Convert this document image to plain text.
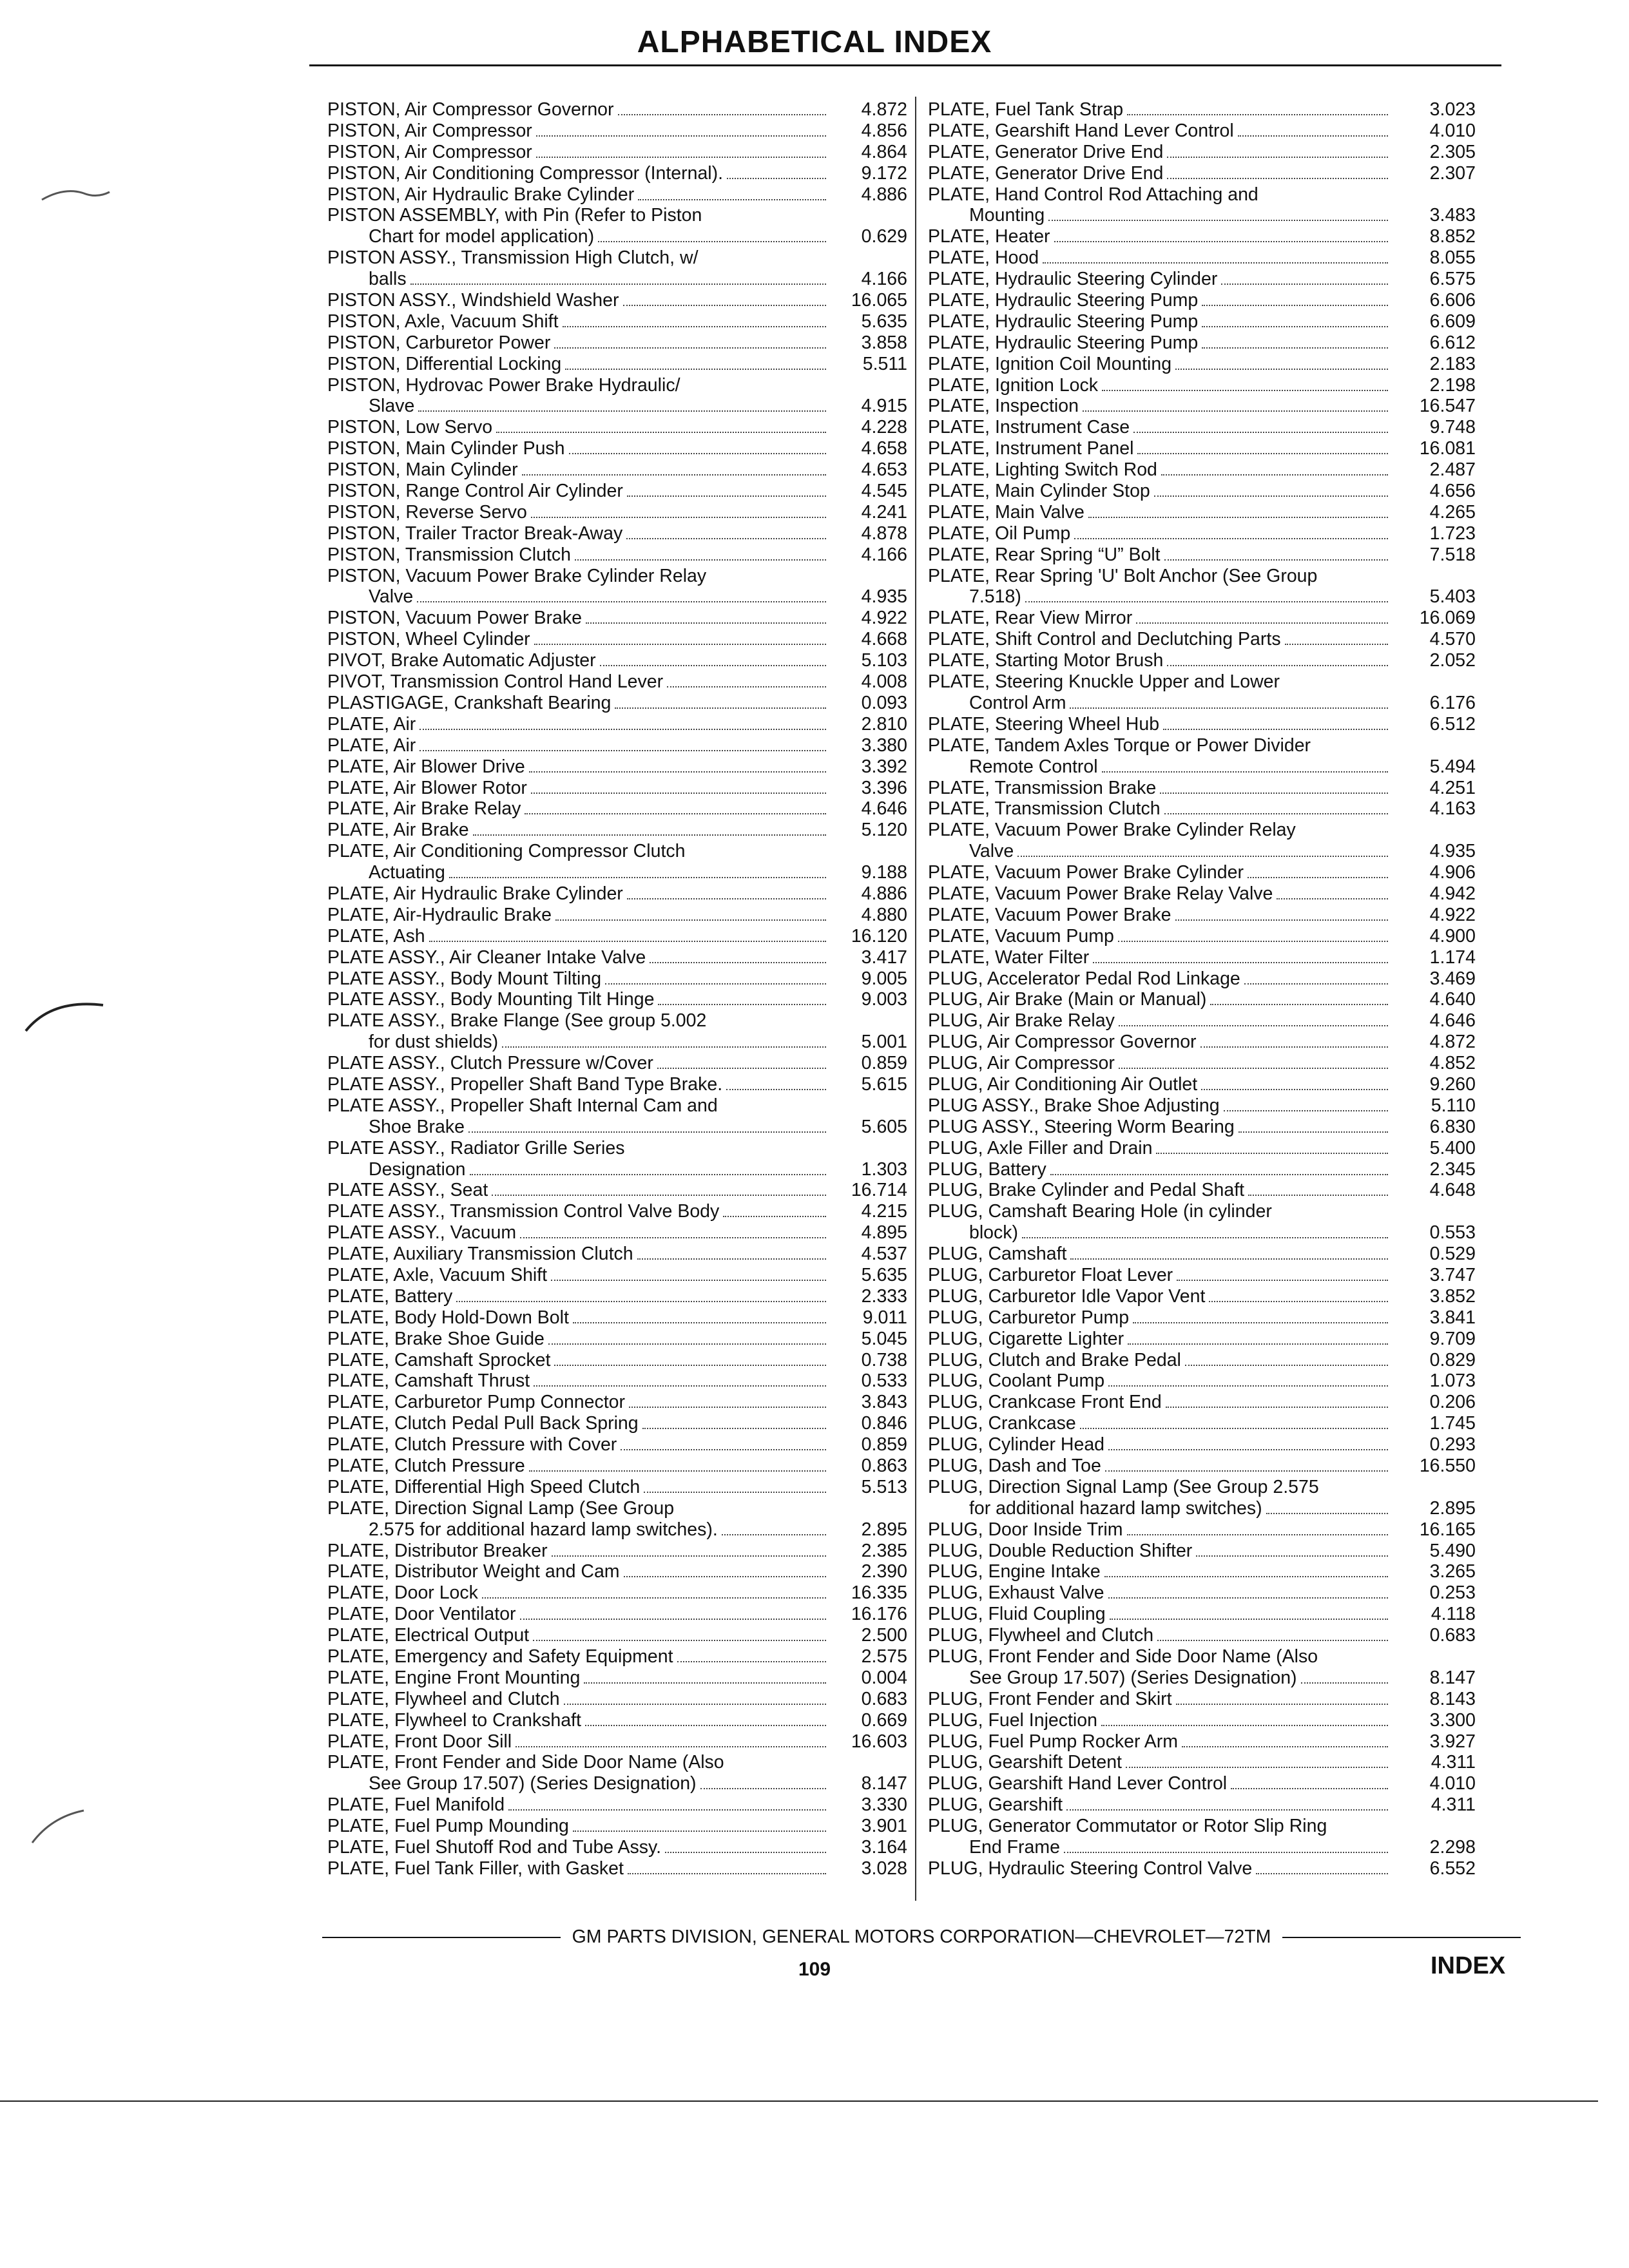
ALPHABETICAL INDEX
PISTON, Air Compressor Governor	4.872
PISTON, Air Compressor	4.856
PISTON, Air Compressor	4.864
PISTON, Air Conditioning Compressor (Internal).	9.172
PISTON, Air Hydraulic Brake Cylinder	4.886
PISTON ASSEMBLY, with Pin (Refer to Piston
Chart for model application)	0.629
PISTON ASSY., Transmission High Clutch, w/
balls	4.166
PISTON ASSY., Windshield Washer	16.065
PISTON, Axle, Vacuum Shift	5.635
PISTON, Carburetor Power	3.858
PISTON, Differential Locking	5.511
PISTON, Hydrovac Power Brake Hydraulic/
Slave	4.915
PISTON, Low Servo	4.228
PISTON, Main Cylinder Push	4.658
PISTON, Main Cylinder	4.653
PISTON, Range Control Air Cylinder	4.545
PISTON, Reverse Servo	4.241
PISTON, Trailer Tractor Break-Away	4.878
PISTON, Transmission Clutch	4.166
PISTON, Vacuum Power Brake Cylinder Relay
Valve	4.935
PISTON, Vacuum Power Brake	4.922
PISTON, Wheel Cylinder	4.668
PIVOT, Brake Automatic Adjuster	5.103
PIVOT, Transmission Control Hand Lever	4.008
PLASTIGAGE, Crankshaft Bearing	0.093
PLATE, Air	2.810
PLATE, Air	3.380
PLATE, Air Blower Drive	3.392
PLATE, Air Blower Rotor	3.396
PLATE, Air Brake Relay	4.646
PLATE, Air Brake	5.120
PLATE, Air Conditioning Compressor Clutch
Actuating	9.188
PLATE, Air Hydraulic Brake Cylinder	4.886
PLATE, Air-Hydraulic Brake	4.880
PLATE, Ash	16.120
PLATE ASSY., Air Cleaner Intake Valve	3.417
PLATE ASSY., Body Mount Tilting	9.005
PLATE ASSY., Body Mounting Tilt Hinge	9.003
PLATE ASSY., Brake Flange (See group 5.002
for dust shields)	5.001
PLATE ASSY., Clutch Pressure w/Cover	0.859
PLATE ASSY., Propeller Shaft Band Type Brake.	5.615
PLATE ASSY., Propeller Shaft Internal Cam and
Shoe Brake	5.605
PLATE ASSY., Radiator Grille Series
Designation	1.303
PLATE ASSY., Seat	16.714
PLATE ASSY., Transmission Control Valve Body	4.215
PLATE ASSY., Vacuum	4.895
PLATE, Auxiliary Transmission Clutch	4.537
PLATE, Axle, Vacuum Shift	5.635
PLATE, Battery	2.333
PLATE, Body Hold-Down Bolt	9.011
PLATE, Brake Shoe Guide	5.045
PLATE, Camshaft Sprocket	0.738
PLATE, Camshaft Thrust	0.533
PLATE, Carburetor Pump Connector	3.843
PLATE, Clutch Pedal Pull Back Spring	0.846
PLATE, Clutch Pressure with Cover	0.859
PLATE, Clutch Pressure	0.863
PLATE, Differential High Speed Clutch	5.513
PLATE, Direction Signal Lamp (See Group
2.575 for additional hazard lamp switches).	2.895
PLATE, Distributor Breaker	2.385
PLATE, Distributor Weight and Cam	2.390
PLATE, Door Lock	16.335
PLATE, Door Ventilator	16.176
PLATE, Electrical Output	2.500
PLATE, Emergency and Safety Equipment	2.575
PLATE, Engine Front Mounting	0.004
PLATE, Flywheel and Clutch	0.683
PLATE, Flywheel to Crankshaft	0.669
PLATE, Front Door Sill	16.603
PLATE, Front Fender and Side Door Name (Also
See Group 17.507) (Series Designation)	8.147
PLATE, Fuel Manifold	3.330
PLATE, Fuel Pump Mounding	3.901
PLATE, Fuel Shutoff Rod and Tube Assy.	3.164
PLATE, Fuel Tank Filler, with Gasket	3.028
PLATE, Fuel Tank Strap	3.023
PLATE, Gearshift Hand Lever Control	4.010
PLATE, Generator Drive End	2.305
PLATE, Generator Drive End	2.307
PLATE, Hand Control Rod Attaching and
Mounting	3.483
PLATE, Heater	8.852
PLATE, Hood	8.055
PLATE, Hydraulic Steering Cylinder	6.575
PLATE, Hydraulic Steering Pump	6.606
PLATE, Hydraulic Steering Pump	6.609
PLATE, Hydraulic Steering Pump	6.612
PLATE, Ignition Coil Mounting	2.183
PLATE, Ignition Lock	2.198
PLATE, Inspection	16.547
PLATE, Instrument Case	9.748
PLATE, Instrument Panel	16.081
PLATE, Lighting Switch Rod	2.487
PLATE, Main Cylinder Stop	4.656
PLATE, Main Valve	4.265
PLATE, Oil Pump	1.723
PLATE, Rear Spring “U” Bolt	7.518
PLATE, Rear Spring 'U' Bolt Anchor (See Group
7.518)	5.403
PLATE, Rear View Mirror	16.069
PLATE, Shift Control and Declutching Parts	4.570
PLATE, Starting Motor Brush	2.052
PLATE, Steering Knuckle Upper and Lower
Control Arm	6.176
PLATE, Steering Wheel Hub	6.512
PLATE, Tandem Axles Torque or Power Divider
Remote Control	5.494
PLATE, Transmission Brake	4.251
PLATE, Transmission Clutch	4.163
PLATE, Vacuum Power Brake Cylinder Relay
Valve	4.935
PLATE, Vacuum Power Brake Cylinder	4.906
PLATE, Vacuum Power Brake Relay Valve	4.942
PLATE, Vacuum Power Brake	4.922
PLATE, Vacuum Pump	4.900
PLATE, Water Filter	1.174
PLUG, Accelerator Pedal Rod Linkage	3.469
PLUG, Air Brake (Main or Manual)	4.640
PLUG, Air Brake Relay	4.646
PLUG, Air Compressor Governor	4.872
PLUG, Air Compressor	4.852
PLUG, Air Conditioning Air Outlet	9.260
PLUG ASSY., Brake Shoe Adjusting	5.110
PLUG ASSY., Steering Worm Bearing	6.830
PLUG, Axle Filler and Drain	5.400
PLUG, Battery	2.345
PLUG, Brake Cylinder and Pedal Shaft	4.648
PLUG, Camshaft Bearing Hole (in cylinder
block)	0.553
PLUG, Camshaft	0.529
PLUG, Carburetor Float Lever	3.747
PLUG, Carburetor Idle Vapor Vent	3.852
PLUG, Carburetor Pump	3.841
PLUG, Cigarette Lighter	9.709
PLUG, Clutch and Brake Pedal	0.829
PLUG, Coolant Pump	1.073
PLUG, Crankcase Front End	0.206
PLUG, Crankcase	1.745
PLUG, Cylinder Head	0.293
PLUG, Dash and Toe	16.550
PLUG, Direction Signal Lamp (See Group 2.575
for additional hazard lamp switches)	2.895
PLUG, Door Inside Trim	16.165
PLUG, Double Reduction Shifter	5.490
PLUG, Engine Intake	3.265
PLUG, Exhaust Valve	0.253
PLUG, Fluid Coupling	4.118
PLUG, Flywheel and Clutch	0.683
PLUG, Front Fender and Side Door Name (Also
See Group 17.507) (Series Designation)	8.147
PLUG, Front Fender and Skirt	8.143
PLUG, Fuel Injection	3.300
PLUG, Fuel Pump Rocker Arm	3.927
PLUG, Gearshift Detent	4.311
PLUG, Gearshift Hand Lever Control	4.010
PLUG, Gearshift	4.311
PLUG, Generator Commutator or Rotor Slip Ring
End Frame	2.298
PLUG, Hydraulic Steering Control Valve	6.552
GM PARTS DIVISION, GENERAL MOTORS CORPORATION—CHEVROLET—72TM
109	INDEX
